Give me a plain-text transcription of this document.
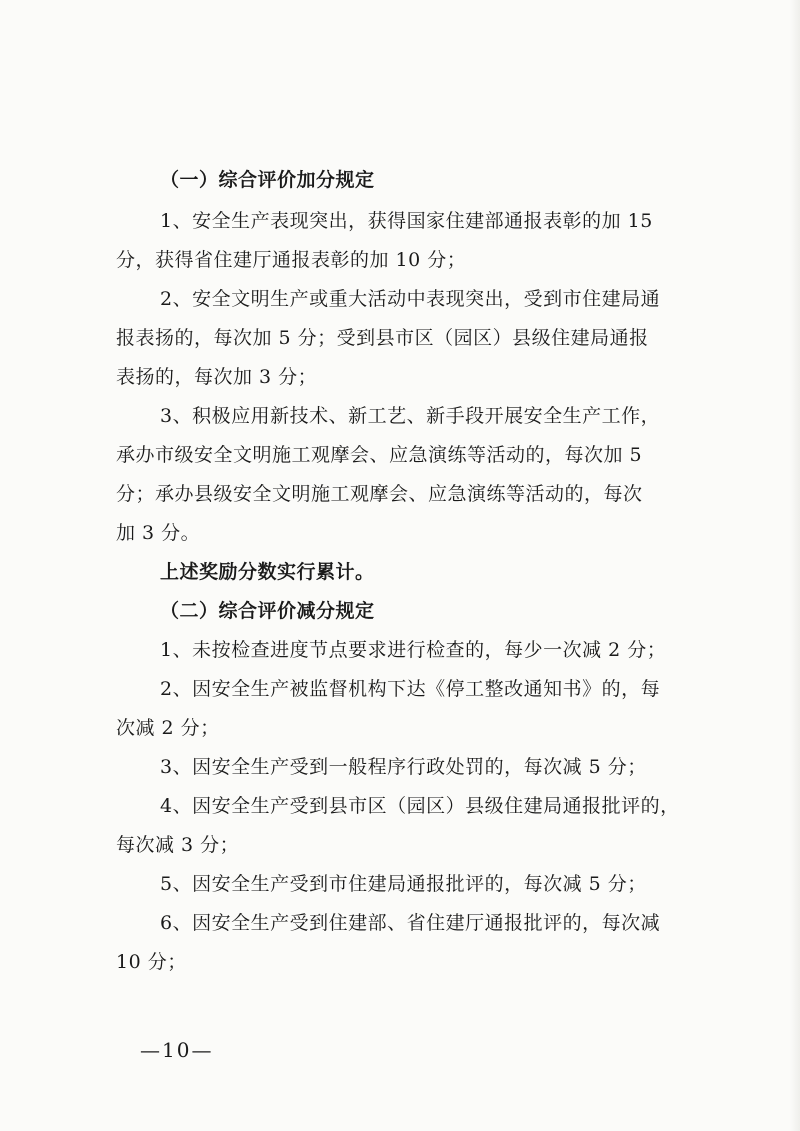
（一）综合评价加分规定
1、安全生产表现突出，获得国家住建部通报表彰的加 15
分，获得省住建厅通报表彰的加 10 分；
2、安全文明生产或重大活动中表现突出，受到市住建局通
报表扬的，每次加 5 分；受到县市区（园区）县级住建局通报
表扬的，每次加 3 分；
3、积极应用新技术、新工艺、新手段开展安全生产工作，
承办市级安全文明施工观摩会、应急演练等活动的，每次加 5
分；承办县级安全文明施工观摩会、应急演练等活动的，每次
加 3 分。
上述奖励分数实行累计。
（二）综合评价减分规定
1、未按检查进度节点要求进行检查的，每少一次减 2 分；
2、因安全生产被监督机构下达《停工整改通知书》的，每
次减 2 分；
3、因安全生产受到一般程序行政处罚的，每次减 5 分；
4、因安全生产受到县市区（园区）县级住建局通报批评的，
每次减 3 分；
5、因安全生产受到市住建局通报批评的，每次减 5 分；
6、因安全生产受到住建部、省住建厅通报批评的，每次减
10 分；
—10—
